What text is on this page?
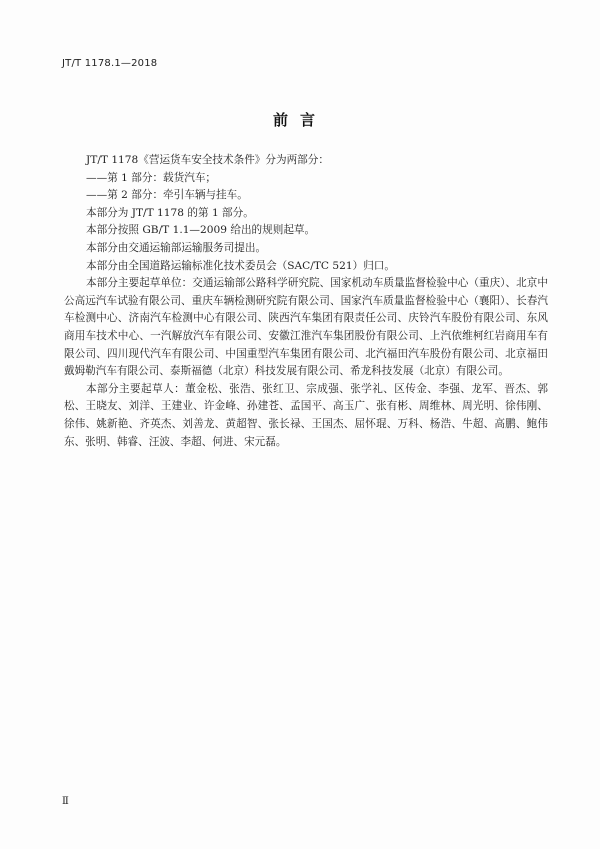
JT/T 1178.1—2018
前言

JT/T 1178《营运货车安全技术条件》分为两部分：

——第 1 部分：载货汽车；

——第 2 部分：牵引车辆与挂车。

本部分为 JT/T 1178 的第 1 部分。

本部分按照 GB/T 1.1—2009 给出的规则起草。

本部分由交通运输部运输服务司提出。

本部分由全国道路运输标准化技术委员会（SAC/TC 521）归口。

本部分主要起草单位：交通运输部公路科学研究院、国家机动车质量监督检验中心（重庆）、北京中公高远汽车试验有限公司、重庆车辆检测研究院有限公司、国家汽车质量监督检验中心（襄阳）、长春汽车检测中心、济南汽车检测中心有限公司、陕西汽车集团有限责任公司、庆铃汽车股份有限公司、东风商用车技术中心、一汽解放汽车有限公司、安徽江淮汽车集团股份有限公司、上汽依维柯红岩商用车有限公司、四川现代汽车有限公司、中国重型汽车集团有限公司、北汽福田汽车股份有限公司、北京福田戴姆勒汽车有限公司、泰斯福德（北京）科技发展有限公司、希龙科技发展（北京）有限公司。

本部分主要起草人：董金松、张浩、张红卫、宗成强、张学礼、区传金、李强、龙军、晋杰、郭松、王晓友、刘洋、王建业、许金峰、孙建苍、孟国平、高玉广、张有彬、周维林、周光明、徐伟刚、徐伟、姚新艳、齐英杰、刘善龙、黄超智、张长禄、王国杰、屈怀琨、万科、杨浩、牛超、高鹏、鲍伟东、张明、韩睿、汪波、李超、何进、宋元磊。

Ⅱ
